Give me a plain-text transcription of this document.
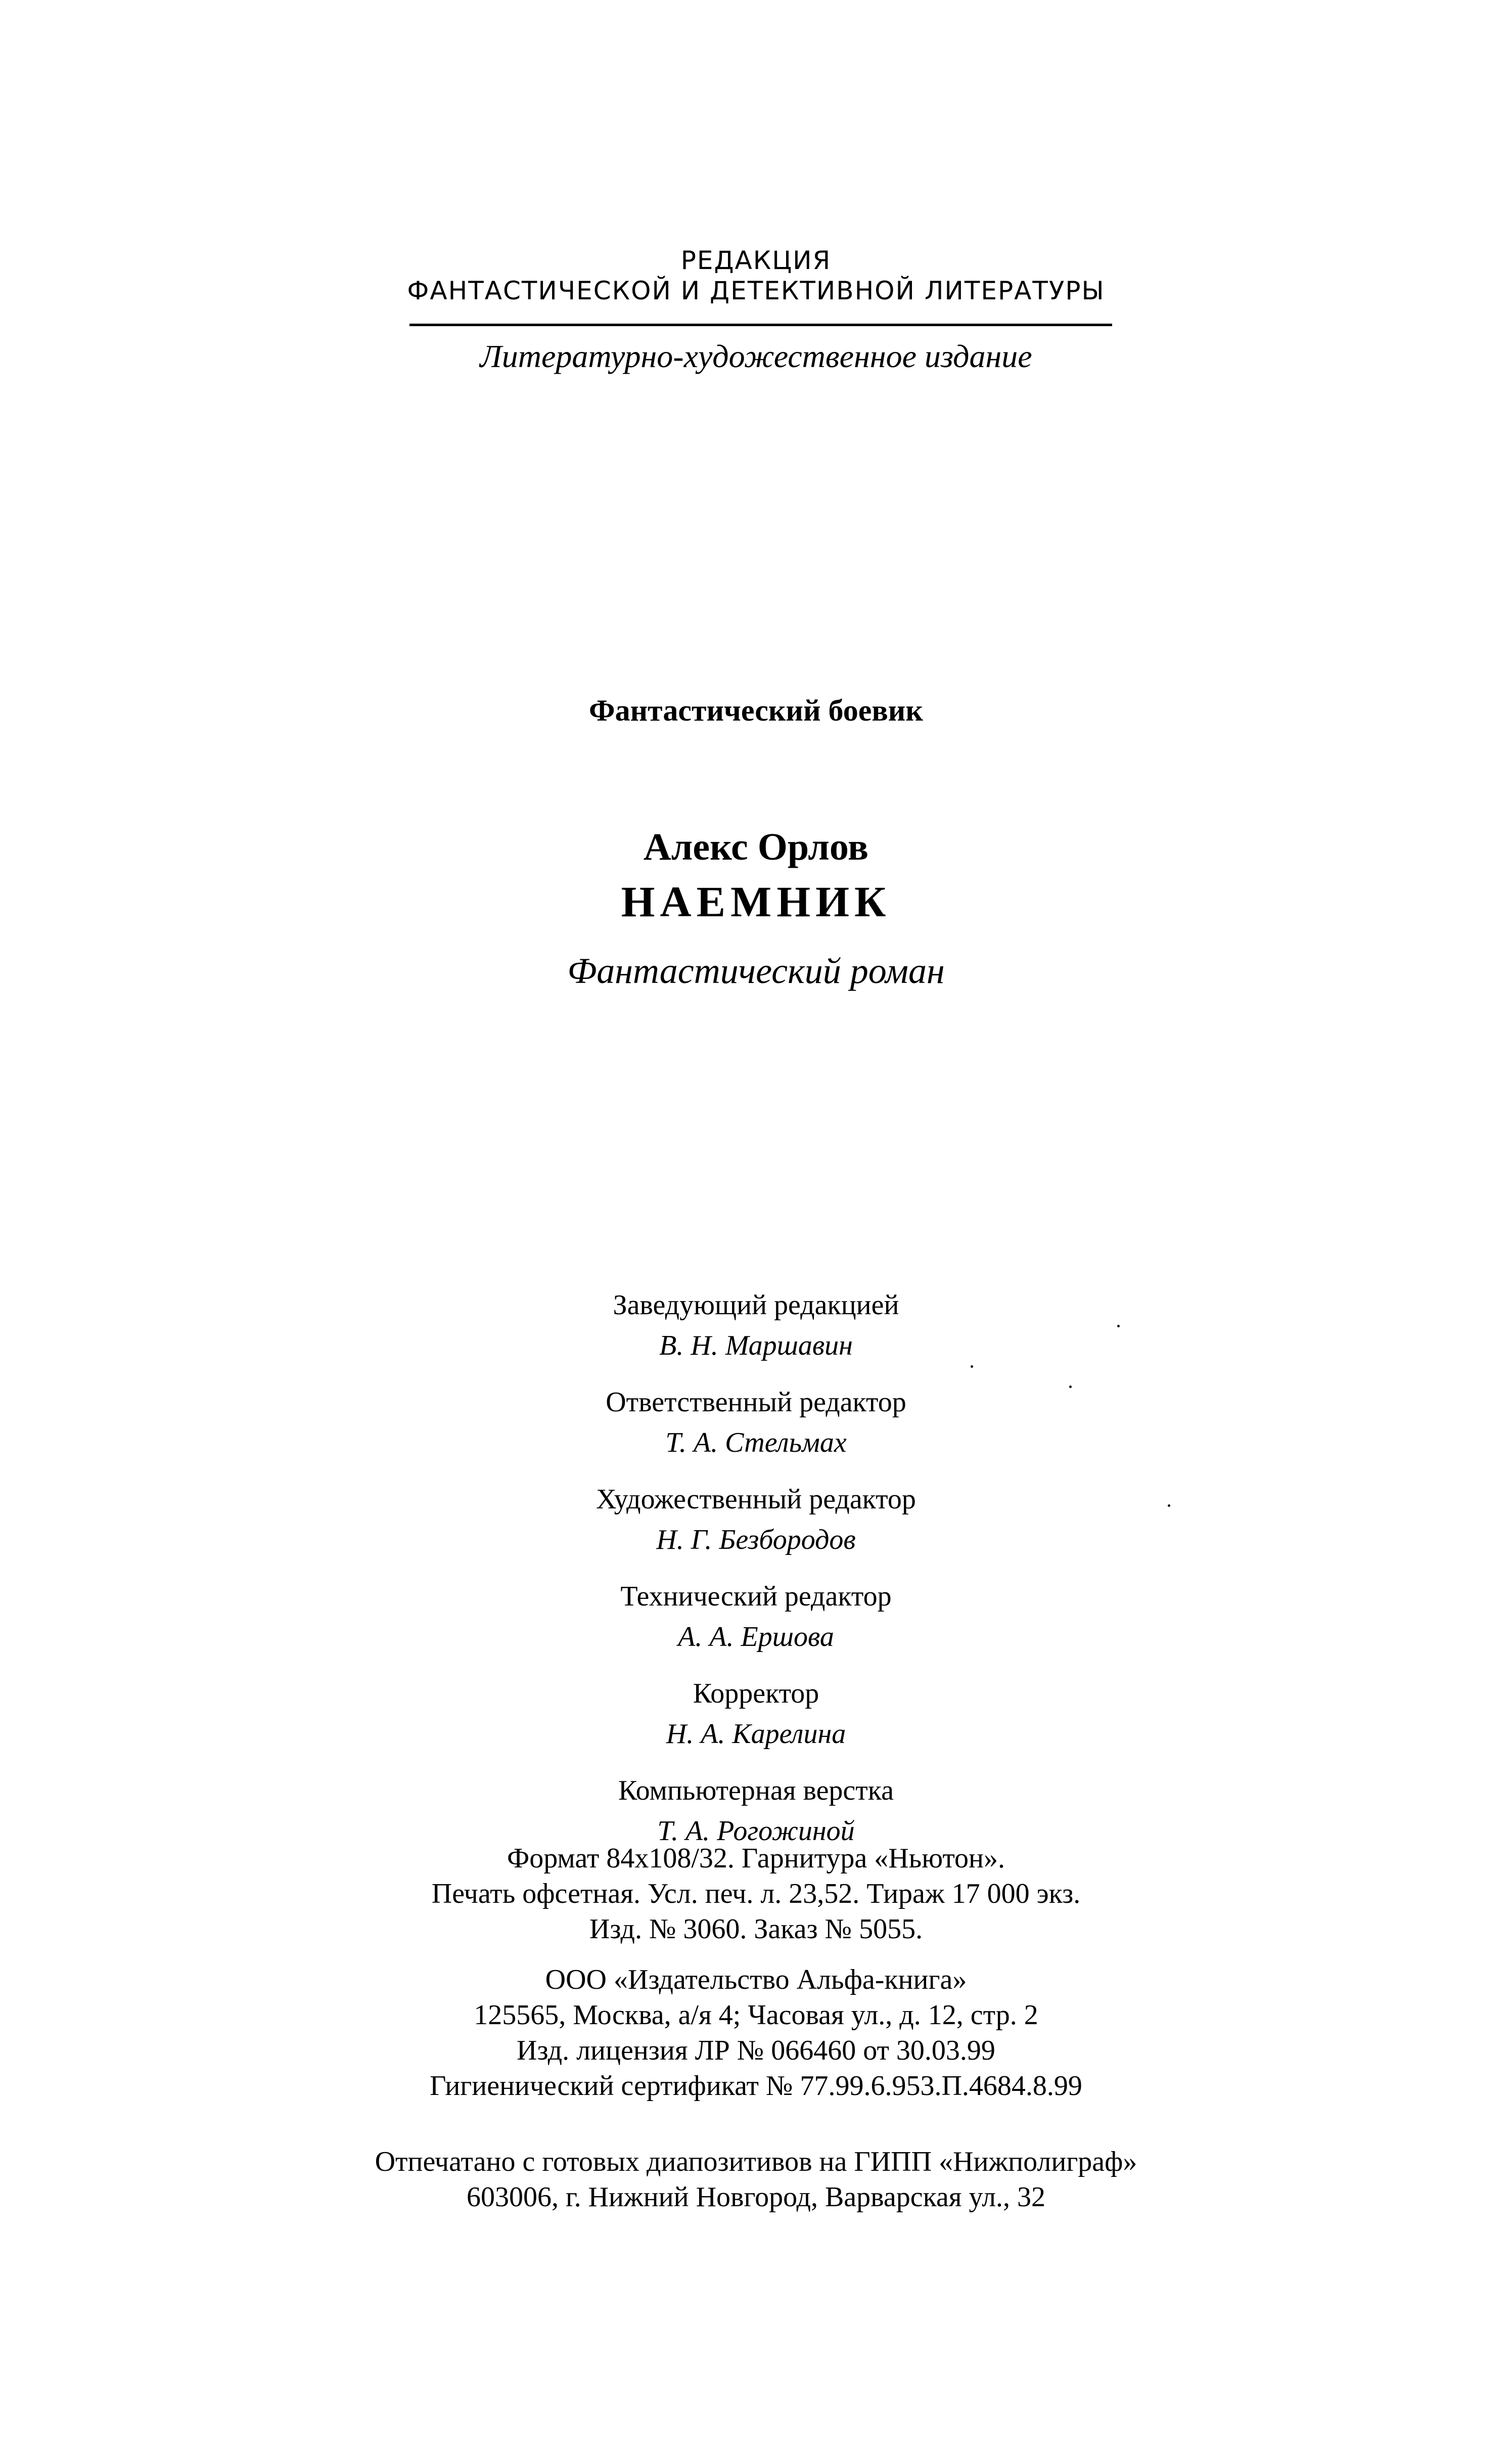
РЕДАКЦИЯ
ФАНТАСТИЧЕСКОЙ И ДЕТЕКТИВНОЙ ЛИТЕРАТУРЫ
Литературно-художественное издание
Фантастический боевик
Алекс Орлов
НАЕМНИК
Фантастический роман
Заведующий редакцией
В. Н. Маршавин
Ответственный редактор
Т. А. Стельмах
Художественный редактор
Н. Г. Безбородов
Технический редактор
А. А. Ершова
Корректор
Н. А. Карелина
Компьютерная верстка
Т. А. Рогожиной
Формат 84x108/32. Гарнитура «Ньютон».
Печать офсетная. Усл. печ. л. 23,52. Тираж 17 000 экз.
Изд. № 3060. Заказ № 5055.
ООО «Издательство Альфа-книга»
125565, Москва, а/я 4; Часовая ул., д. 12, стр. 2
Изд. лицензия ЛР № 066460 от 30.03.99
Гигиенический сертификат № 77.99.6.953.П.4684.8.99
Отпечатано с готовых диапозитивов на ГИПП «Нижполиграф»
603006, г. Нижний Новгород, Варварская ул., 32
